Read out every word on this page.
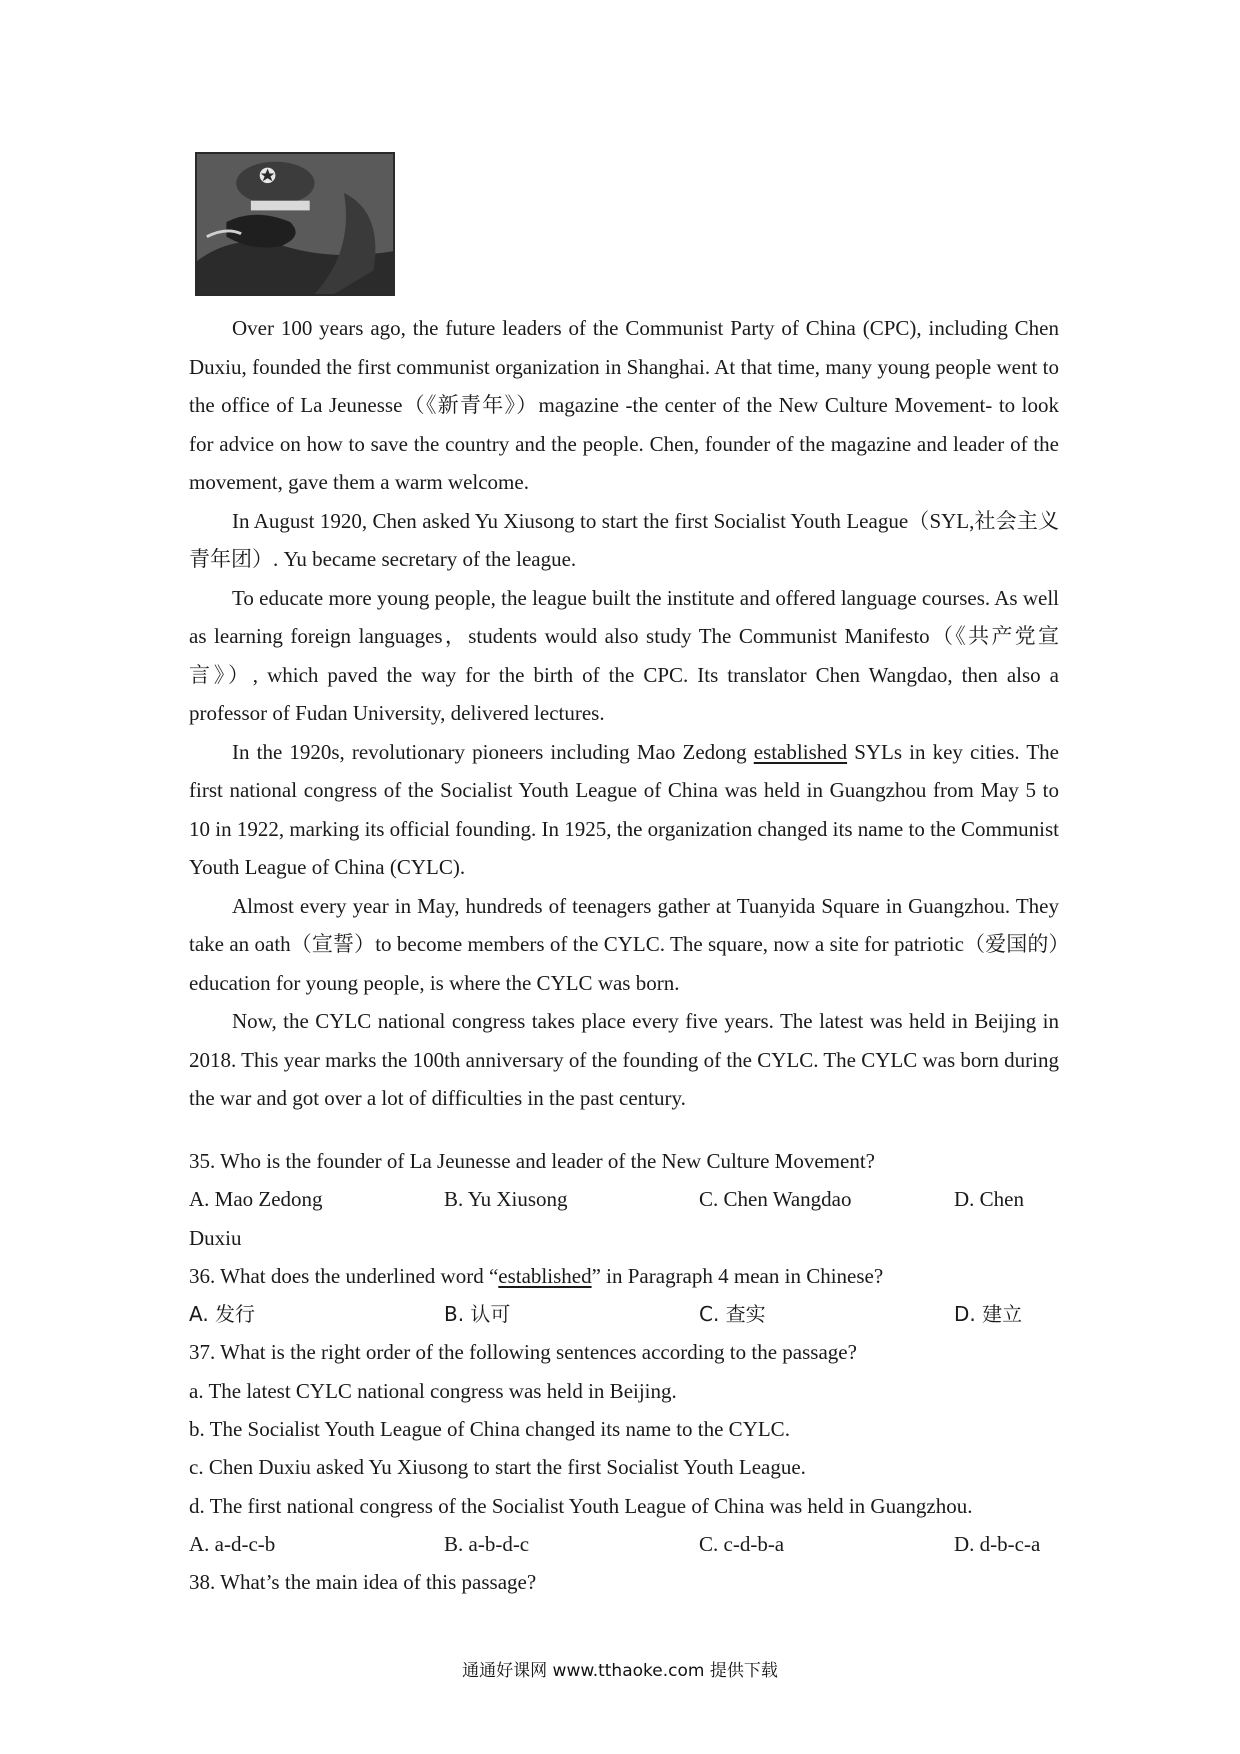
Over 100 years ago, the future leaders of the Communist Party of China (CPC), including Chen Duxiu, founded the first communist organization in Shanghai. At that time, many young people went to the office of La Jeunesse（《新青年》）magazine -the center of the New Culture Movement- to look for advice on how to save the country and the people. Chen, founder of the magazine and leader of the movement, gave them a warm welcome.

In August 1920, Chen asked Yu Xiusong to start the first Socialist Youth League（SYL,社会主义青年团）. Yu became secretary of the league.

To educate more young people, the league built the institute and offered language courses. As well as learning foreign languages，students would also study The Communist Manifesto（《共产党宣言》）, which paved the way for the birth of the CPC. Its translator Chen Wangdao, then also a professor of Fudan University, delivered lectures.

In the 1920s, revolutionary pioneers including Mao Zedong established SYLs in key cities. The first national congress of the Socialist Youth League of China was held in Guangzhou from May 5 to 10 in 1922, marking its official founding. In 1925, the organization changed its name to the Communist Youth League of China (CYLC).

Almost every year in May, hundreds of teenagers gather at Tuanyida Square in Guangzhou. They take an oath（宣誓）to become members of the CYLC. The square, now a site for patriotic（爱国的）education for young people, is where the CYLC was born.

Now, the CYLC national congress takes place every five years. The latest was held in Beijing in 2018. This year marks the 100th anniversary of the founding of the CYLC. The CYLC was born during the war and got over a lot of difficulties in the past century.

35. Who is the founder of La Jeunesse and leader of the New Culture Movement?

A. Mao Zedong	B. Yu Xiusong	C. Chen Wangdao	D. Chen

Duxiu

36. What does the underlined word “established” in Paragraph 4 mean in Chinese?

A. 发行	B. 认可	C. 查实	D. 建立

37. What is the right order of the following sentences according to the passage?

a. The latest CYLC national congress was held in Beijing.

b. The Socialist Youth League of China changed its name to the CYLC.

c. Chen Duxiu asked Yu Xiusong to start the first Socialist Youth League.

d. The first national congress of the Socialist Youth League of China was held in Guangzhou.

A. a-d-c-b	B. a-b-d-c	C. c-d-b-a	D. d-b-c-a

38. What’s the main idea of this passage?

通通好课网 www.tthaoke.com 提供下载
